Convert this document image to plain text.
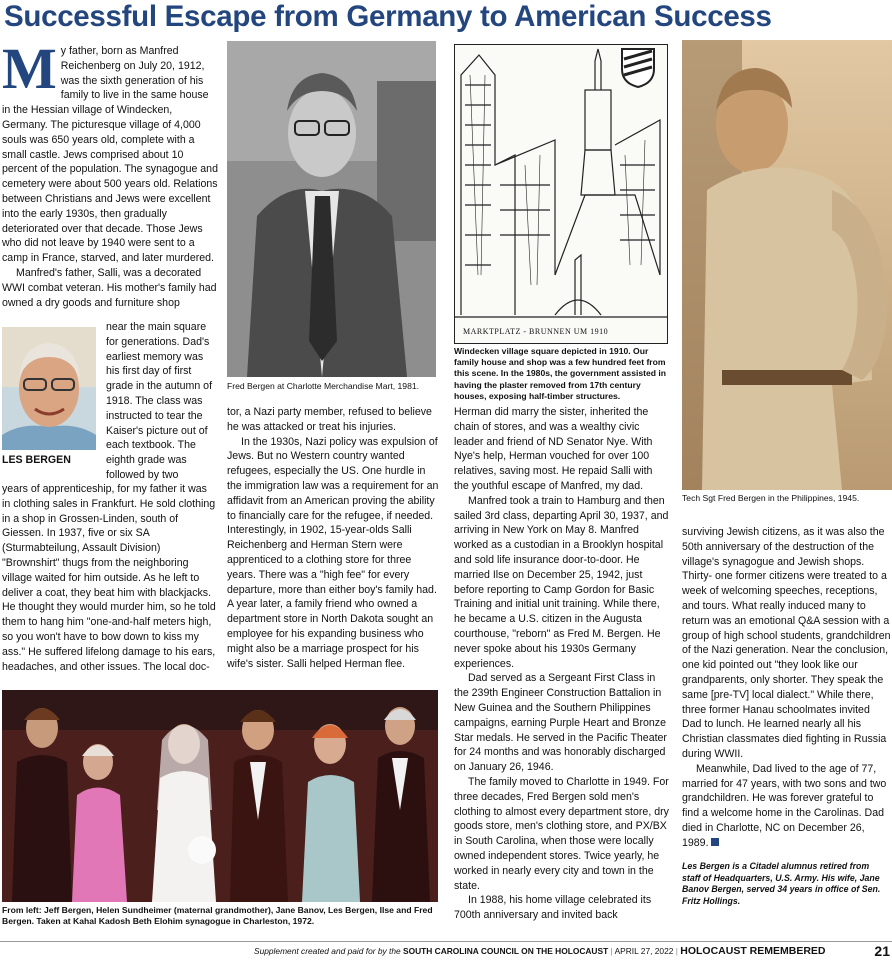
Successful Escape from Germany to American Success
M y father, born as Manfred Reichenberg on July 20, 1912, was the sixth generation of his family to live in the same house in the Hessian village of Windecken, Germany. The picturesque village of 4,000 souls was 650 years old, complete with a small castle. Jews comprised about 10 percent of the population. The synagogue and cemetery were about 500 years old. Relations between Christians and Jews were excellent into the early 1930s, then gradually deteriorated over that decade. Those Jews who did not leave by 1940 were sent to a camp in France, starved, and later murdered.

Manfred's father, Salli, was a decorated WWI combat veteran. His mother's family had owned a dry goods and furniture shop

LES BERGEN

near the main square for generations. Dad's earliest memory was his first day of first grade in the autumn of 1918. The class was instructed to tear the Kaiser's picture out of each textbook. The eighth grade was followed by two

years of apprenticeship, for my father it was in clothing sales in Frankfurt. He sold clothing in a shop in Grossen-Linden, south of Giessen. In 1937, five or six SA (Sturmabteilung, Assault Division) "Brownshirt" thugs from the neighboring village waited for him outside. As he left to deliver a coat, they beat him with blackjacks. He thought they would murder him, so he told them to hang him "one-and-half meters high, so you won't have to bow down to kiss my ass." He suffered lifelong damage to his ears, headaches, and other issues. The local doc-

Fred Bergen at Charlotte Merchandise Mart, 1981.

tor, a Nazi party member, refused to believe he was attacked or treat his injuries.

In the 1930s, Nazi policy was expulsion of Jews. But no Western country wanted refugees, especially the US. One hurdle in the immigration law was a requirement for an affidavit from an American proving the ability to financially care for the refugee, if needed. Interestingly, in 1902, 15-year-olds Salli Reichenberg and Herman Stern were apprenticed to a clothing store for three years. There was a "high fee" for every departure, more than either boy's family had. A year later, a family friend who owned a department store in North Dakota sought an employee for his expanding business who might also be a marriage prospect for his wife's sister. Salli helped Herman flee.

MARKTPLATZ - BRUNNEN UM 1910
Windecken village square depicted in 1910. Our family house and shop was a few hundred feet from this scene. In the 1980s, the government assisted in having the plaster removed from 17th century houses, exposing half-timber structures.

Herman did marry the sister, inherited the chain of stores, and was a wealthy civic leader and friend of ND Senator Nye. With Nye's help, Herman vouched for over 100 relatives, saving most. He repaid Salli with the youthful escape of Manfred, my dad.

Manfred took a train to Hamburg and then sailed 3rd class, departing April 30, 1937, and arriving in New York on May 8. Manfred worked as a custodian in a Brooklyn hospital and sold life insurance door-to-door. He married Ilse on December 25, 1942, just before reporting to Camp Gordon for Basic Training and initial unit training. While there, he became a U.S. citizen in the Augusta courthouse, "reborn" as Fred M. Bergen. He never spoke about his 1930s Germany experiences.

Dad served as a Sergeant First Class in the 239th Engineer Construction Battalion in New Guinea and the Southern Philippines campaigns, earning Purple Heart and Bronze Star medals. He served in the Pacific Theater for 24 months and was honorably discharged on January 26, 1946.

The family moved to Charlotte in 1949. For three decades, Fred Bergen sold men's clothing to almost every department store, dry goods store, men's clothing store, and PX/BX in South Carolina, when those were locally owned independent stores. Twice yearly, he worked in nearly every city and town in the state.

In 1988, his home village celebrated its 700th anniversary and invited back

Tech Sgt Fred Bergen in the Philippines, 1945.

surviving Jewish citizens, as it was also the 50th anniversary of the destruction of the village's synagogue and Jewish shops. Thirty- one former citizens were treated to a week of welcoming speeches, receptions, and tours. What really induced many to return was an emotional Q&A session with a group of high school students, grandchildren of the Nazi generation. Near the conclusion, one kid pointed out "they look like our grandparents, only shorter. They speak the same [pre-TV] local dialect." While there, three former Hanau schoolmates invited Dad to lunch. He learned nearly all his Christian classmates died fighting in Russia during WWII.

Meanwhile, Dad lived to the age of 77, married for 47 years, with two sons and two grandchildren. He was forever grateful to find a welcome home in the Carolinas. Dad died in Charlotte, NC on December 26, 1989.

Les Bergen is a Citadel alumnus retired from staff of Headquarters, U.S. Army. His wife, Jane Banov Bergen, served 34 years in office of Sen. Fritz Hollings.
From left: Jeff Bergen, Helen Sundheimer (maternal grandmother), Jane Banov, Les Bergen, Ilse and Fred Bergen. Taken at Kahal Kadosh Beth Elohim synagogue in Charleston, 1972.
Supplement created and paid for by the SOUTH CAROLINA COUNCIL ON THE HOLOCAUST | APRIL 27, 2022 | HOLOCAUST REMEMBERED	21
